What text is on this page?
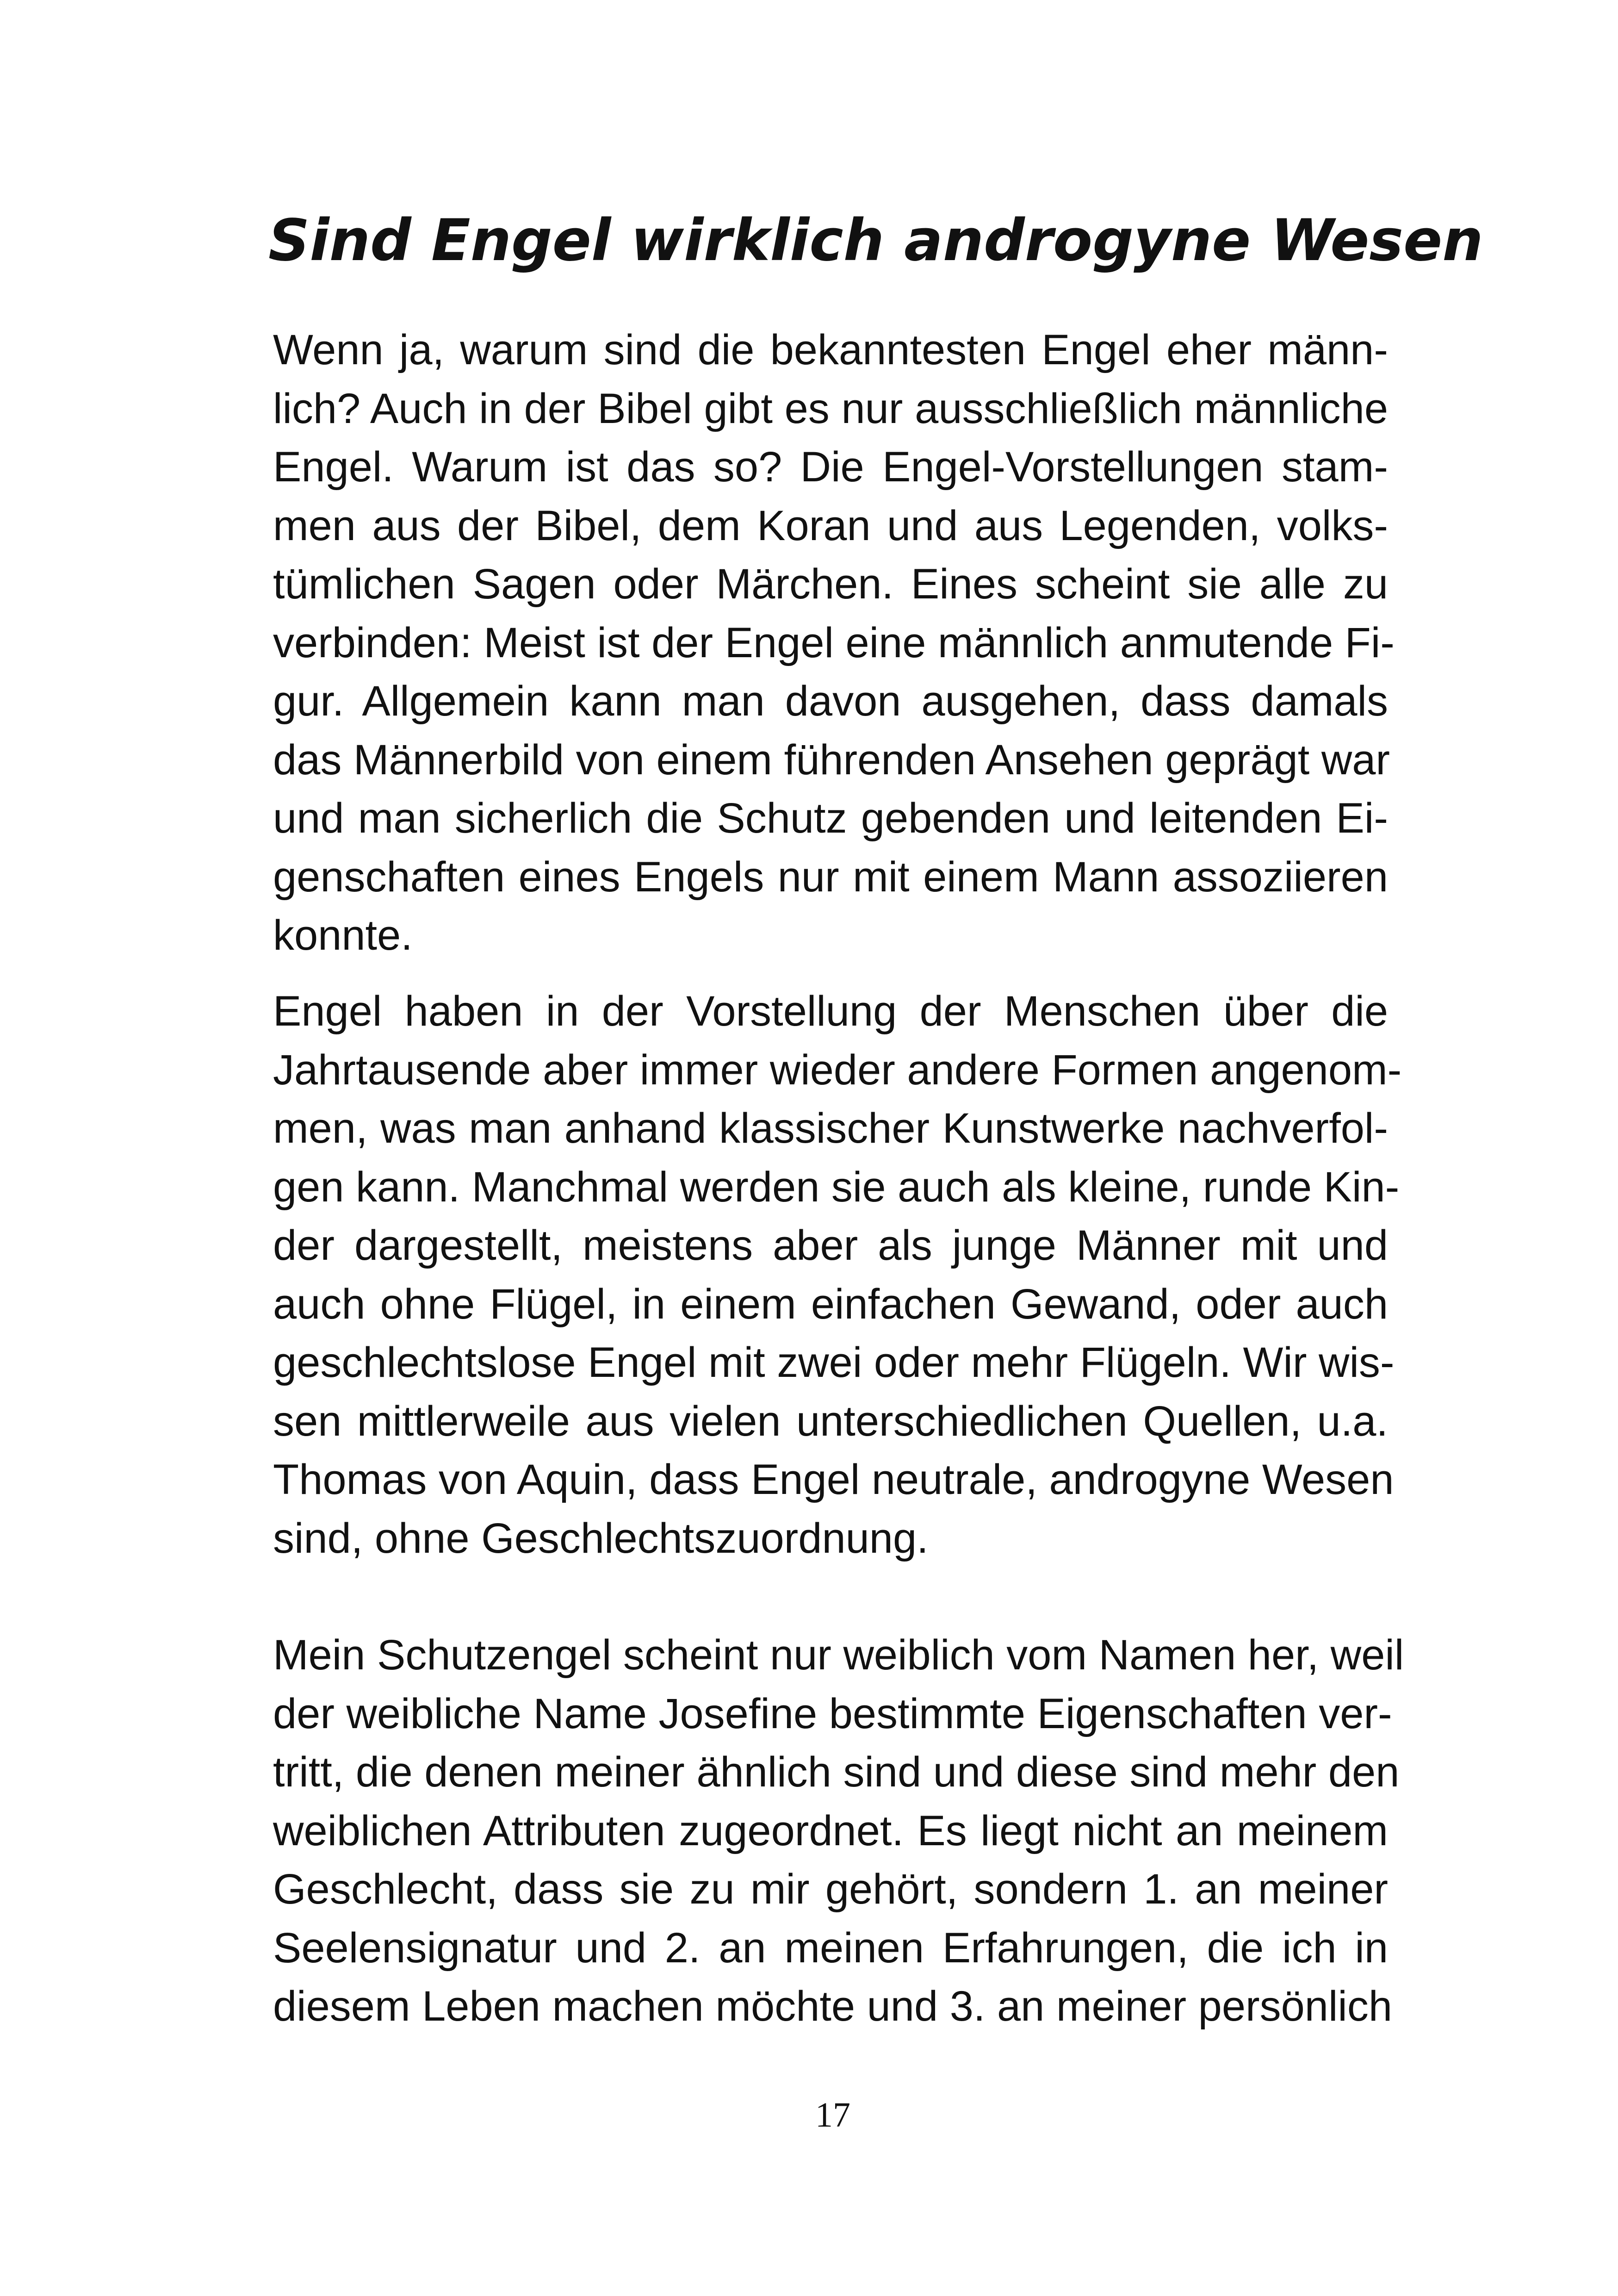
Sind Engel wirklich androgyne Wesen

Wenn ja, warum sind die bekanntesten Engel eher männ-
lich? Auch in der Bibel gibt es nur ausschließlich männliche
Engel. Warum ist das so? Die Engel-Vorstellungen stam-
men aus der Bibel, dem Koran und aus Legenden, volks-
tümlichen Sagen oder Märchen. Eines scheint sie alle zu
verbinden: Meist ist der Engel eine männlich anmutende Fi-
gur. Allgemein kann man davon ausgehen, dass damals
das Männerbild von einem führenden Ansehen geprägt war
und man sicherlich die Schutz gebenden und leitenden Ei-
genschaften eines Engels nur mit einem Mann assoziieren
konnte.

Engel haben in der Vorstellung der Menschen über die
Jahrtausende aber immer wieder andere Formen angenom-
men, was man anhand klassischer Kunstwerke nachverfol-
gen kann. Manchmal werden sie auch als kleine, runde Kin-
der dargestellt, meistens aber als junge Männer mit und
auch ohne Flügel, in einem einfachen Gewand, oder auch
geschlechtslose Engel mit zwei oder mehr Flügeln. Wir wis-
sen mittlerweile aus vielen unterschiedlichen Quellen, u.a.
Thomas von Aquin, dass Engel neutrale, androgyne Wesen
sind, ohne Geschlechtszuordnung.

Mein Schutzengel scheint nur weiblich vom Namen her, weil
der weibliche Name Josefine bestimmte Eigenschaften ver-
tritt, die denen meiner ähnlich sind und diese sind mehr den
weiblichen Attributen zugeordnet. Es liegt nicht an meinem
Geschlecht, dass sie zu mir gehört, sondern 1. an meiner
Seelensignatur und 2. an meinen Erfahrungen, die ich in
diesem Leben machen möchte und 3. an meiner persönlich

17
